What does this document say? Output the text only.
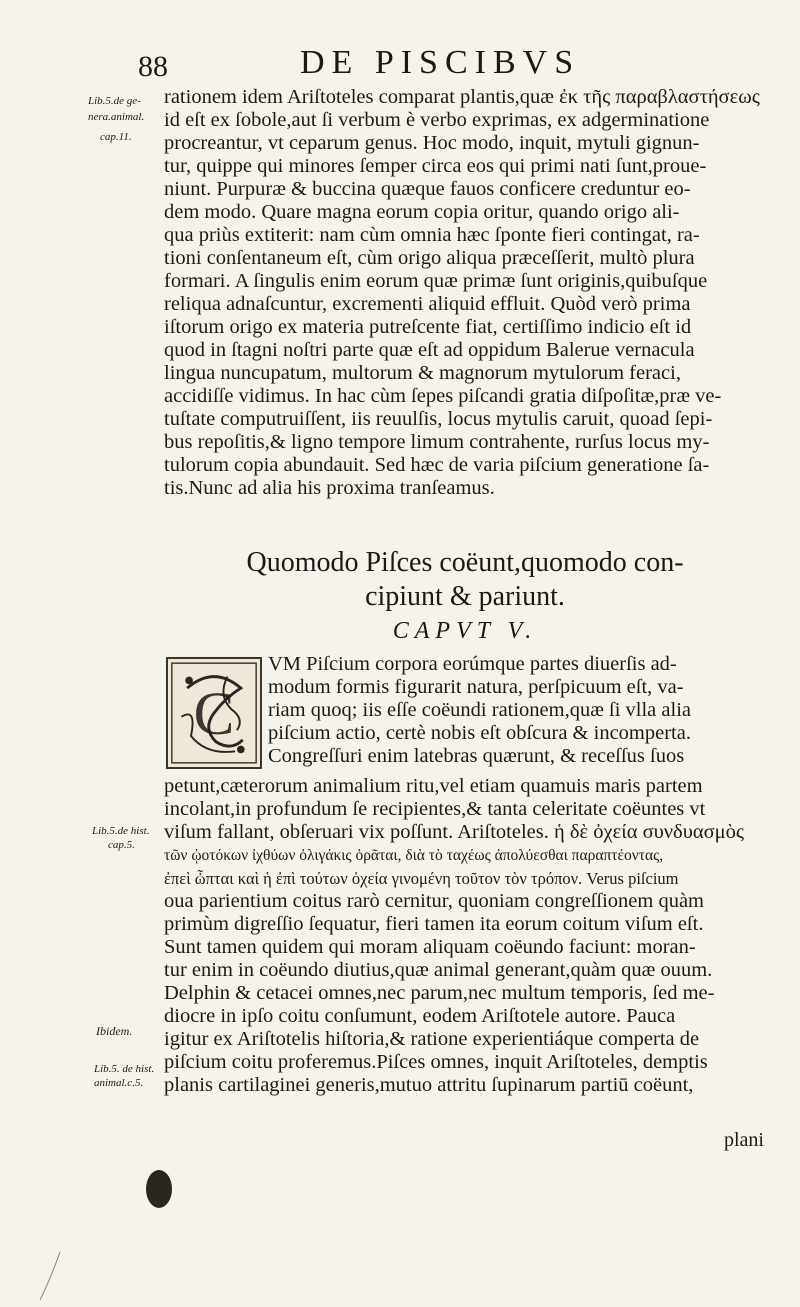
88	DE PISCIBVS
Lib.5.de ge-
nera.animal.
cap.11.
Lib.5.de hist.
cap.5.
Ibidem.
Lib.5. de hist.
animal.c.5.
rationem idem Ariſtoteles comparat plantis,quæ ἐκ τῆς παραβλαστήσεως
id eſt ex ſobole,aut ſi verbum è verbo exprimas, ex adgerminatione
procreantur, vt ceparum genus. Hoc modo, inquit, mytuli gignun-
tur, quippe qui minores ſemper circa eos qui primi nati ſunt,proue-
niunt. Purpuræ & buccina quæque fauos conficere creduntur eo-
dem modo. Quare magna eorum copia oritur, quando origo ali-
qua priùs extiterit: nam cùm omnia hæc ſponte fieri contingat, ra-
tioni conſentaneum eſt, cùm origo aliqua præceſſerit, multò plura
formari. A ſingulis enim eorum quæ primæ ſunt originis,quibuſque
reliqua adnaſcuntur, excrementi aliquid effluit. Quòd verò prima
iſtorum origo ex materia putreſcente fiat, certiſſimo indicio eſt id
quod in ſtagni noſtri parte quæ eſt ad oppidum Balerue vernacula
lingua nuncupatum, multorum & magnorum mytulorum feraci,
accidiſſe vidimus. In hac cùm ſepes piſcandi gratia diſpoſitæ,præ ve-
tuſtate computruiſſent, iis reuulſis, locus mytulis caruit, quoad ſepi-
bus repoſitis,& ligno tempore limum contrahente, rurſus locus my-
tulorum copia abundauit. Sed hæc de varia piſcium generatione ſa-
tis.Nunc ad alia his proxima tranſeamus.
Quomodo Piſces coëunt,quomodo con-
cipiunt & pariunt.
CAPVT V.
C
VM Piſcium corpora eorúmque partes diuerſis ad-
modum formis figurarit natura, perſpicuum eſt, va-
riam quoq; iis eſſe coëundi rationem,quæ ſi vlla alia
piſcium actio, certè nobis eſt obſcura & incomperta.
Congreſſuri enim latebras quærunt, & receſſus ſuos
petunt,cæterorum animalium ritu,vel etiam quamuis maris partem
incolant,in profundum ſe recipientes,& tanta celeritate coëuntes vt
viſum fallant, obſeruari vix poſſunt. Ariſtoteles. ἡ δὲ ὀχεία συνδυασμὸς
τῶν ᾠοτόκων ἰχθύων ὀλιγάκις ὁρᾶται, διὰ τὸ ταχέως ἀπολύεσθαι παραπτέοντας,
ἐπεὶ ὦπται καὶ ἡ ἐπὶ τούτων ὀχεία γινομένη τοῦτον τὸν τρόπον. Verus piſcium
oua parientium coitus rarò cernitur, quoniam congreſſionem quàm
primùm digreſſio ſequatur, fieri tamen ita eorum coitum viſum eſt.
Sunt tamen quidem qui moram aliquam coëundo faciunt: moran-
tur enim in coëundo diutius,quæ animal generant,quàm quæ ouum.
Delphin & cetacei omnes,nec parum,nec multum temporis, ſed me-
diocre in ipſo coitu conſumunt, eodem Ariſtotele autore. Pauca
igitur ex Ariſtotelis hiſtoria,& ratione experientiáque comperta de
piſcium coitu proferemus.Piſces omnes, inquit Ariſtoteles, demptis
planis cartilaginei generis,mutuo attritu ſupinarum partiū coëunt,
plani
